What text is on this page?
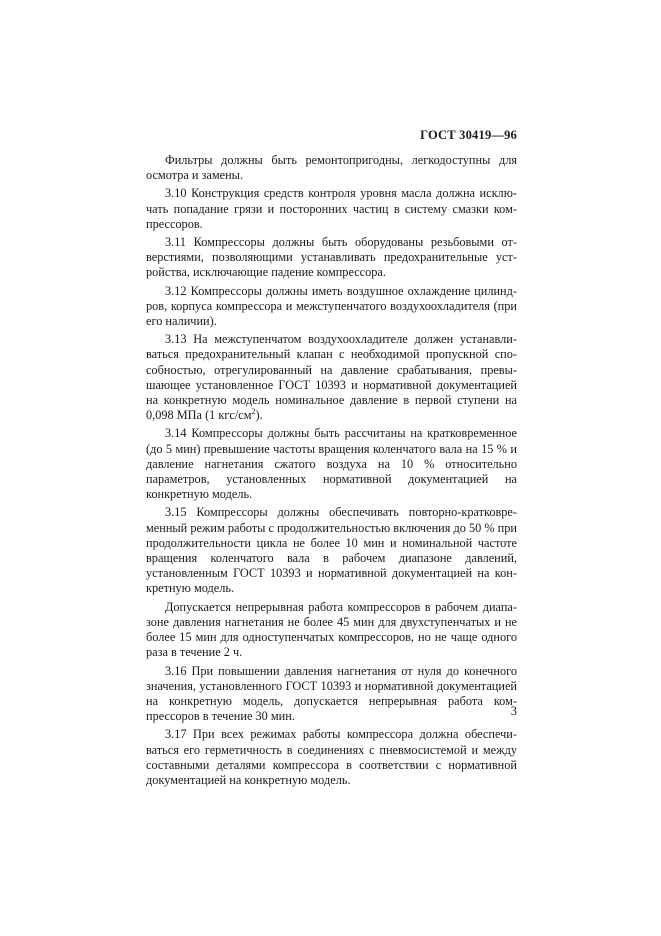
ГОСТ 30419—96

Фильтры должны быть ремонтопригодны, легкодоступны для осмотра и замены.

3.10 Конструкция средств контроля уровня масла должна исключать попадание грязи и посторонних частиц в систему смазки компрессоров.

3.11 Компрессоры должны быть оборудованы резьбовыми отверстиями, позволяющими устанавливать предохранительные устройства, исключающие падение компрессора.

3.12 Компрессоры должны иметь воздушное охлаждение цилиндров, корпуса компрессора и межступенчатого воздухоохладителя (при его наличии).

3.13 На межступенчатом воздухоохладителе должен устанавливаться предохранительный клапан с необходимой пропускной способностью, отрегулированный на давление срабатывания, превышающее установленное ГОСТ 10393 и нормативной документацией на конкретную модель номинальное давление в первой ступени на 0,098 МПа (1 кгс/$см^2$).

3.14 Компрессоры должны быть рассчитаны на кратковременное (до 5 мин) превышение частоты вращения коленчатого вала на 15 % и давление нагнетания сжатого воздуха на 10 % относительно параметров, установленных нормативной документацией на конкретную модель.

3.15 Компрессоры должны обеспечивать повторно-кратковременный режим работы с продолжительностью включения до 50 % при продолжительности цикла не более 10 мин и номинальной частоте вращения коленчатого вала в рабочем диапазоне давлений, установленным ГОСТ 10393 и нормативной документацией на конкретную модель.

Допускается непрерывная работа компрессоров в рабочем диапазоне давления нагнетания не более 45 мин для двухступенчатых и не более 15 мин для одноступенчатых компрессоров, но не чаще одного раза в течение 2 ч.

3.16 При повышении давления нагнетания от нуля до конечного значения, установленного ГОСТ 10393 и нормативной документацией на конкретную модель, допускается непрерывная работа компрессоров в течение 30 мин.

3.17 При всех режимах работы компрессора должна обеспечиваться его герметичность в соединениях с пневмосистемой и между составными деталями компрессора в соответствии с нормативной документацией на конкретную модель.

3
